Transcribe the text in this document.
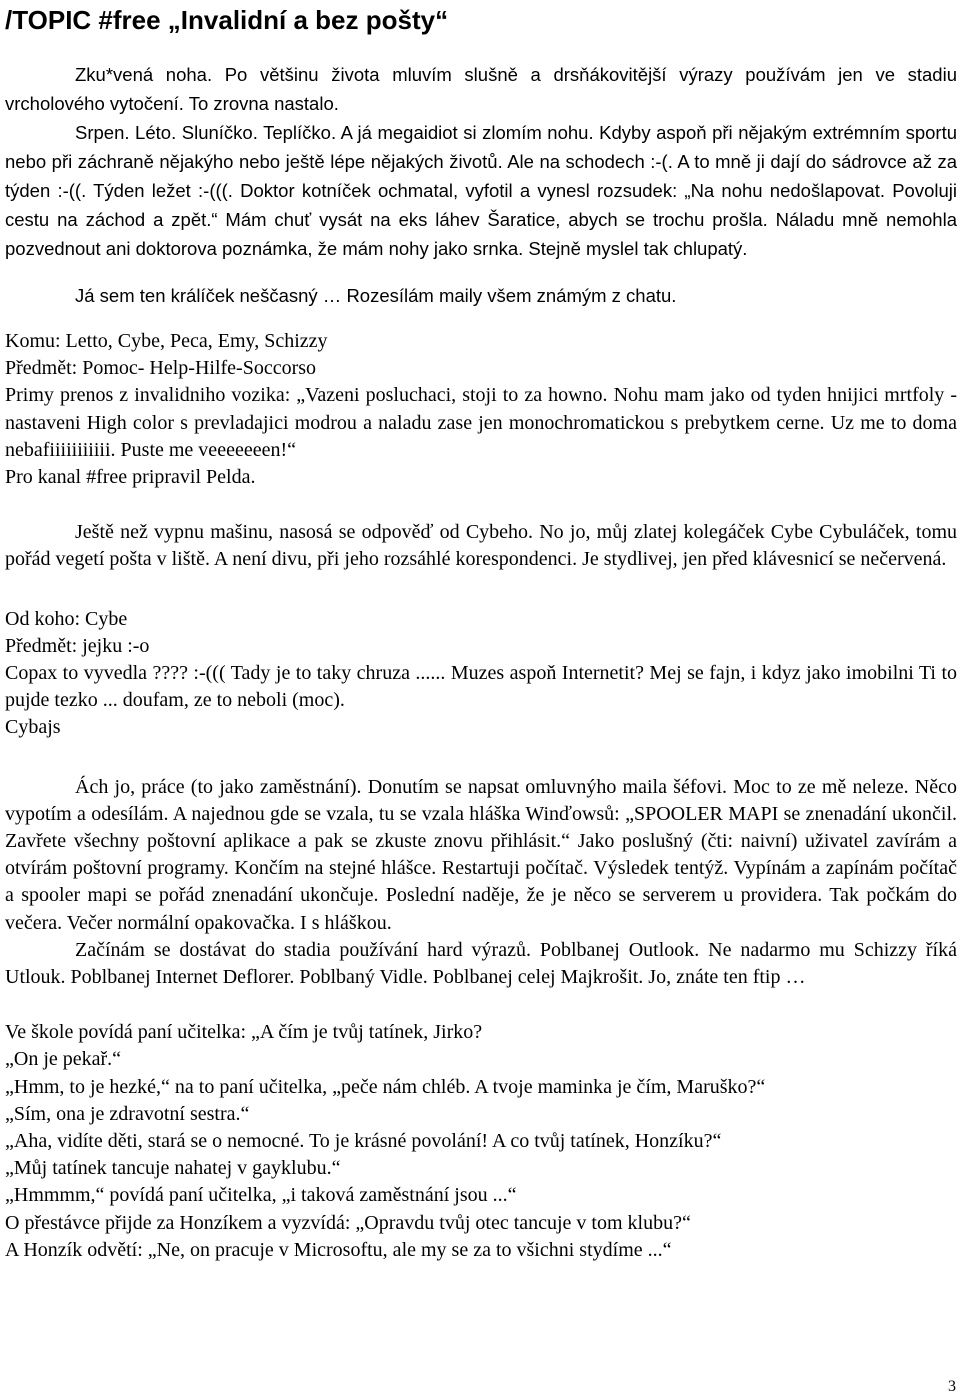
/TOPIC #free „Invalidní a bez pošty“

Zku*vená noha. Po většinu života mluvím slušně a drsňákovitější výrazy používám jen ve stadiu vrcholového vytočení. To zrovna nastalo.

Srpen. Léto. Sluníčko. Teplíčko. A já megaidiot si zlomím nohu. Kdyby aspoň při nějakým extrémním sportu nebo při záchraně nějakýho nebo ještě lépe nějakých životů. Ale na schodech :-(. A to mně ji dají do sádrovce až za týden :-((. Týden ležet :-(((. Doktor kotníček ochmatal, vyfotil a vynesl rozsudek: „Na nohu nedošlapovat. Povoluji cestu na záchod a zpět.“ Mám chuť vysát na eks láhev Šaratice, abych se trochu prošla. Náladu mně nemohla pozvednout ani doktorova poznámka, že mám nohy jako srnka. Stejně myslel tak chlupatý.

Já sem ten králíček neščasný … Rozesílám maily všem známým z chatu.

Komu: Letto, Cybe, Peca, Emy, Schizzy

Předmět: Pomoc- Help-Hilfe-Soccorso

Primy prenos z invalidniho vozika: „Vazeni posluchaci, stoji to za howno. Nohu mam jako od tyden hnijici mrtfoly - nastaveni High color s prevladajici modrou a naladu zase jen monochromatickou s prebytkem cerne. Uz me to doma nebafiiiiiiiiiii. Puste me veeeeeeen!“

Pro kanal #free pripravil Pelda.

Ještě než vypnu mašinu, nasosá se odpověď od Cybeho. No jo, můj zlatej kolegáček Cybe Cybuláček, tomu pořád vegetí pošta v liště. A není divu, při jeho rozsáhlé korespondenci. Je stydlivej, jen před klávesnicí se nečervená.

Od koho: Cybe

Předmět: jejku :-o

Copax to vyvedla ???? :-((( Tady je to taky chruza ...... Muzes aspoň Internetit? Mej se fajn, i kdyz jako imobilni Ti to pujde tezko ... doufam, ze to neboli (moc).

Cybajs

Ách jo, práce (to jako zaměstnání). Donutím se napsat omluvnýho maila šéfovi. Moc to ze mě neleze. Něco vypotím a odesílám. A najednou gde se vzala, tu se vzala hláška Winďowsů: „SPOOLER MAPI se znenadání ukončil. Zavřete všechny poštovní aplikace a pak se zkuste znovu přihlásit.“ Jako poslušný (čti: naivní) uživatel zavírám a otvírám poštovní programy. Končím na stejné hlášce. Restartuji počítač. Výsledek tentýž. Vypínám a zapínám počítač a spooler mapi se pořád znenadání ukončuje. Poslední naděje, že je něco se serverem u providera. Tak počkám do večera. Večer normální opakovačka. I s hláškou.

Začínám se dostávat do stadia používání hard výrazů. Poblbanej Outlook. Ne nadarmo mu Schizzy říká Utlouk. Poblbanej Internet Deflorer. Poblbaný Vidle. Poblbanej celej Majkrošit. Jo, znáte ten ftip …

Ve škole povídá paní učitelka: „A čím je tvůj tatínek, Jirko?
„On je pekař.“
„Hmm, to je hezké,“ na to paní učitelka, „peče nám chléb. A tvoje maminka je čím, Maruško?“
„Sím, ona je zdravotní sestra.“
„Aha, vidíte děti, stará se o nemocné. To je krásné povolání! A co tvůj tatínek, Honzíku?“
„Můj tatínek tancuje nahatej v gayklubu.“
„Hmmmm,“ povídá paní učitelka, „i taková zaměstnání jsou ...“
O přestávce přijde za Honzíkem a vyzvídá: „Opravdu tvůj otec tancuje v tom klubu?“
A Honzík odvětí: „Ne, on pracuje v Microsoftu, ale my se za to všichni stydíme ...“
3
